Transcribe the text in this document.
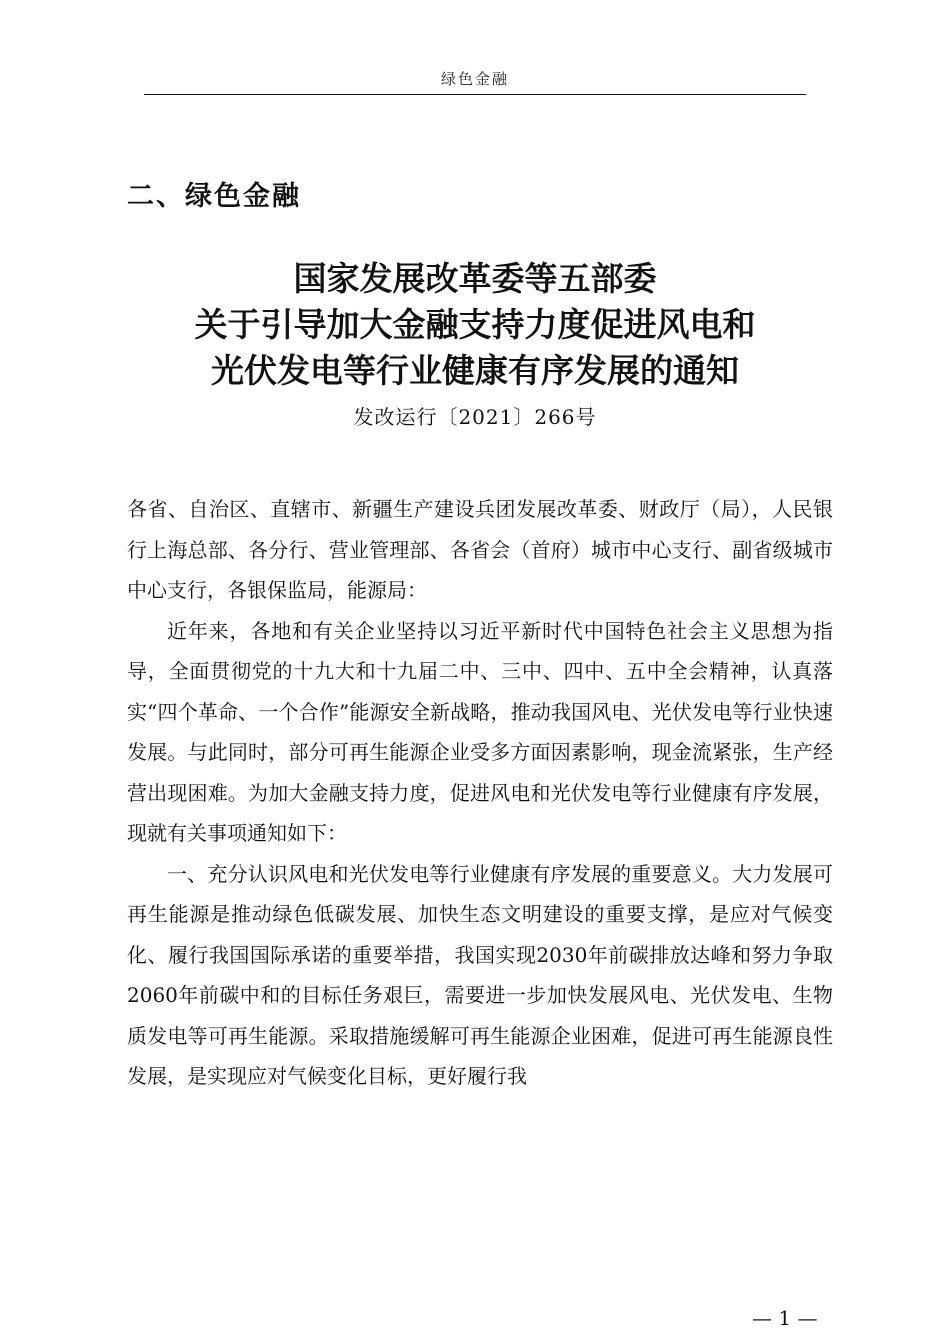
绿色金融
二、绿色金融
国家发展改革委等五部委
关于引导加大金融支持力度促进风电和
光伏发电等行业健康有序发展的通知
发改运行〔2021〕266号

各省、自治区、直辖市、新疆生产建设兵团发展改革委、财政厅（局），人民银行上海总部、各分行、营业管理部、各省会（首府）城市中心支行、副省级城市中心支行，各银保监局，能源局：

近年来，各地和有关企业坚持以习近平新时代中国特色社会主义思想为指导，全面贯彻党的十九大和十九届二中、三中、四中、五中全会精神，认真落实“四个革命、一个合作”能源安全新战略，推动我国风电、光伏发电等行业快速发展。与此同时，部分可再生能源企业受多方面因素影响，现金流紧张，生产经营出现困难。为加大金融支持力度，促进风电和光伏发电等行业健康有序发展，现就有关事项通知如下：

一、充分认识风电和光伏发电等行业健康有序发展的重要意义。大力发展可再生能源是推动绿色低碳发展、加快生态文明建设的重要支撑，是应对气候变化、履行我国国际承诺的重要举措，我国实现2030年前碳排放达峰和努力争取2060年前碳中和的目标任务艰巨，需要进一步加快发展风电、光伏发电、生物质发电等可再生能源。采取措施缓解可再生能源企业困难，促进可再生能源良性发展，是实现应对气候变化目标，更好履行我

— 1 —
